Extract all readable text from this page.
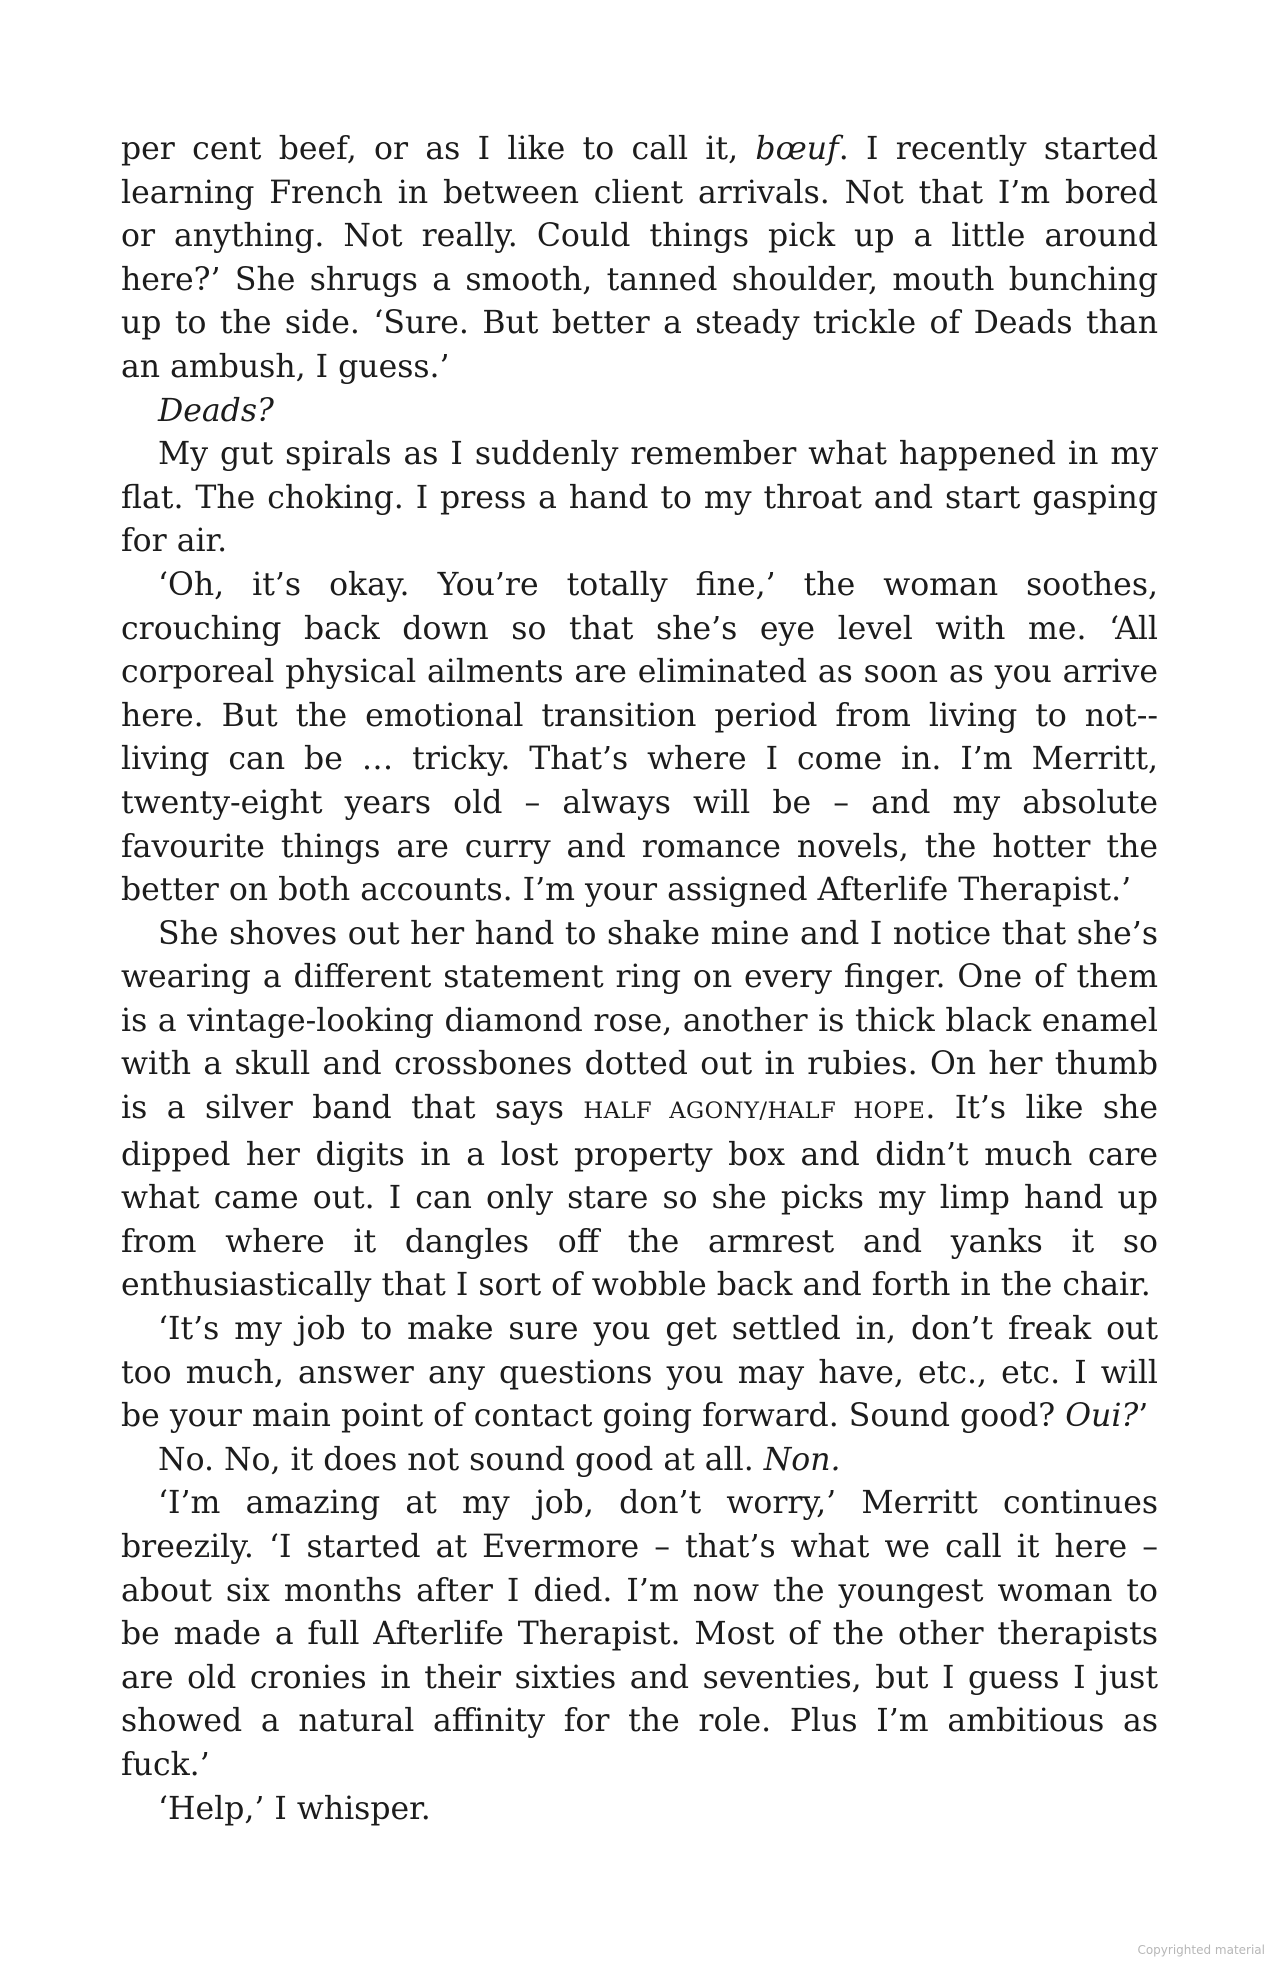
per cent beef, or as I like to call it, bœuf. I recently started learning French in between client arrivals. Not that I’m bored or anything. Not really. Could things pick up a little around here?’ She shrugs a smooth, tanned shoulder, mouth bunching up to the side. ‘Sure. But better a steady trickle of Deads than an ambush, I guess.’

Deads?

My gut spirals as I suddenly remember what happened in my flat. The choking. I press a hand to my throat and start gasping for air.

‘Oh, it’s okay. You’re totally fine,’ the woman soothes, crouching back down so that she’s eye level with me. ‘All corporeal physical ailments are eliminated as soon as you arrive here. But the emotional transition period from living to not-living can be … tricky. That’s where I come in. I’m Merritt, twenty-eight years old – always will be – and my absolute favourite things are curry and romance novels, the hotter the better on both accounts. I’m your assigned Afterlife Therapist.’

She shoves out her hand to shake mine and I notice that she’s wearing a different statement ring on every finger. One of them is a vintage-looking diamond rose, another is thick black enamel with a skull and crossbones dotted out in rubies. On her thumb is a silver band that says HALF AGONY/HALF HOPE. It’s like she dipped her digits in a lost property box and didn’t much care what came out. I can only stare so she picks my limp hand up from where it dangles off the armrest and yanks it so enthusiastically that I sort of wobble back and forth in the chair.

‘It’s my job to make sure you get settled in, don’t freak out too much, answer any questions you may have, etc., etc. I will be your main point of contact going forward. Sound good? Oui?’

No. No, it does not sound good at all. Non.

‘I’m amazing at my job, don’t worry,’ Merritt continues breezily. ‘I started at Evermore – that’s what we call it here – about six months after I died. I’m now the youngest woman to be made a full Afterlife Therapist. Most of the other therapists are old cronies in their sixties and seventies, but I guess I just showed a natural affinity for the role. Plus I’m ambitious as fuck.’

‘Help,’ I whisper.

Copyrighted material
